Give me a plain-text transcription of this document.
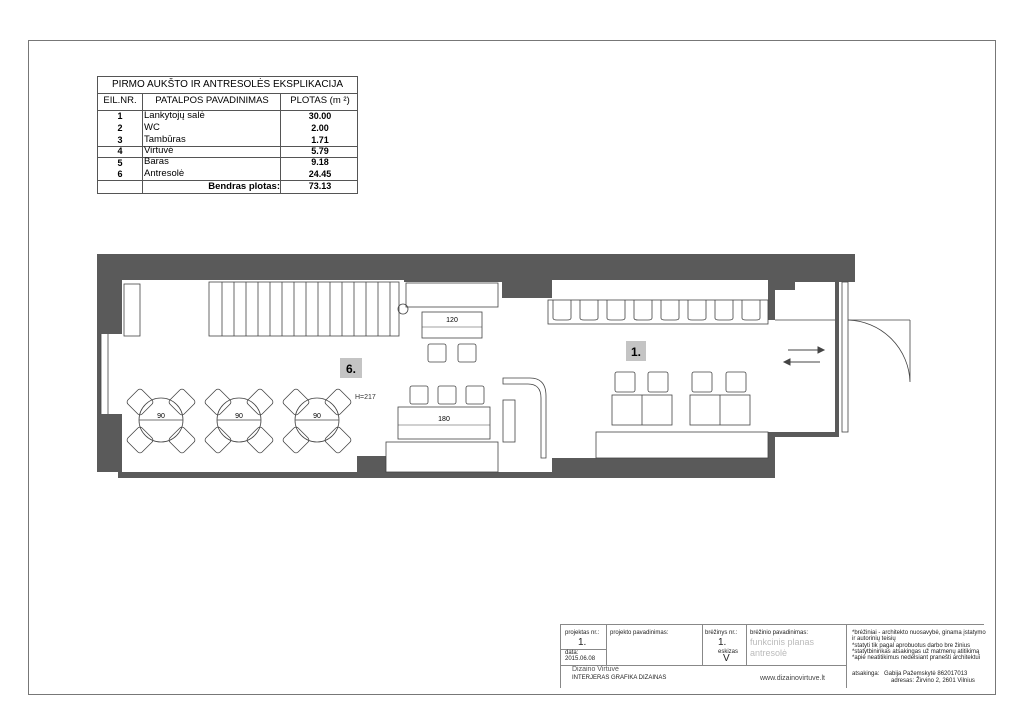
PIRMO AUKŠTO IR ANTRESOLĖS EKSPLIKACIJA
EIL.NR.	PATALPOS PAVADINIMAS	PLOTAS (m ²)
1	Lankytojų salė	30.00
2	WC	2.00
3	Tambūras	1.71
4	Virtuvė	5.79
5	Baras	9.18
6	Antresolė	24.45
Bendras plotas:	73.13
6.
1.
H=217
90	90	90
120
180
projektas nr.:
1.
data:
2015.06.08
projekto pavadinimas:	brėžinys nr.:
1.
eskizas
V
brėžinio pavadinimas:
funkcinis planas
antresolė
*brėžiniai - architekto nuosavybė, ginama įstatymo
ir autorinių teisių
*statyti tik pagal aprobuotus darbo bre žinius
*statytbininkas atsakingas už matmenų atitikimą
*apie neatitikimus nedelsiant pranešti architektui
Dizaino Virtuvė
INTERJERAS GRAFIKA DIZAINAS	www.dizainovirtuve.lt
atsakinga: Gabija Pažemskytė 862017013
adresas: Žirvino 2, 2601 Vilnius
